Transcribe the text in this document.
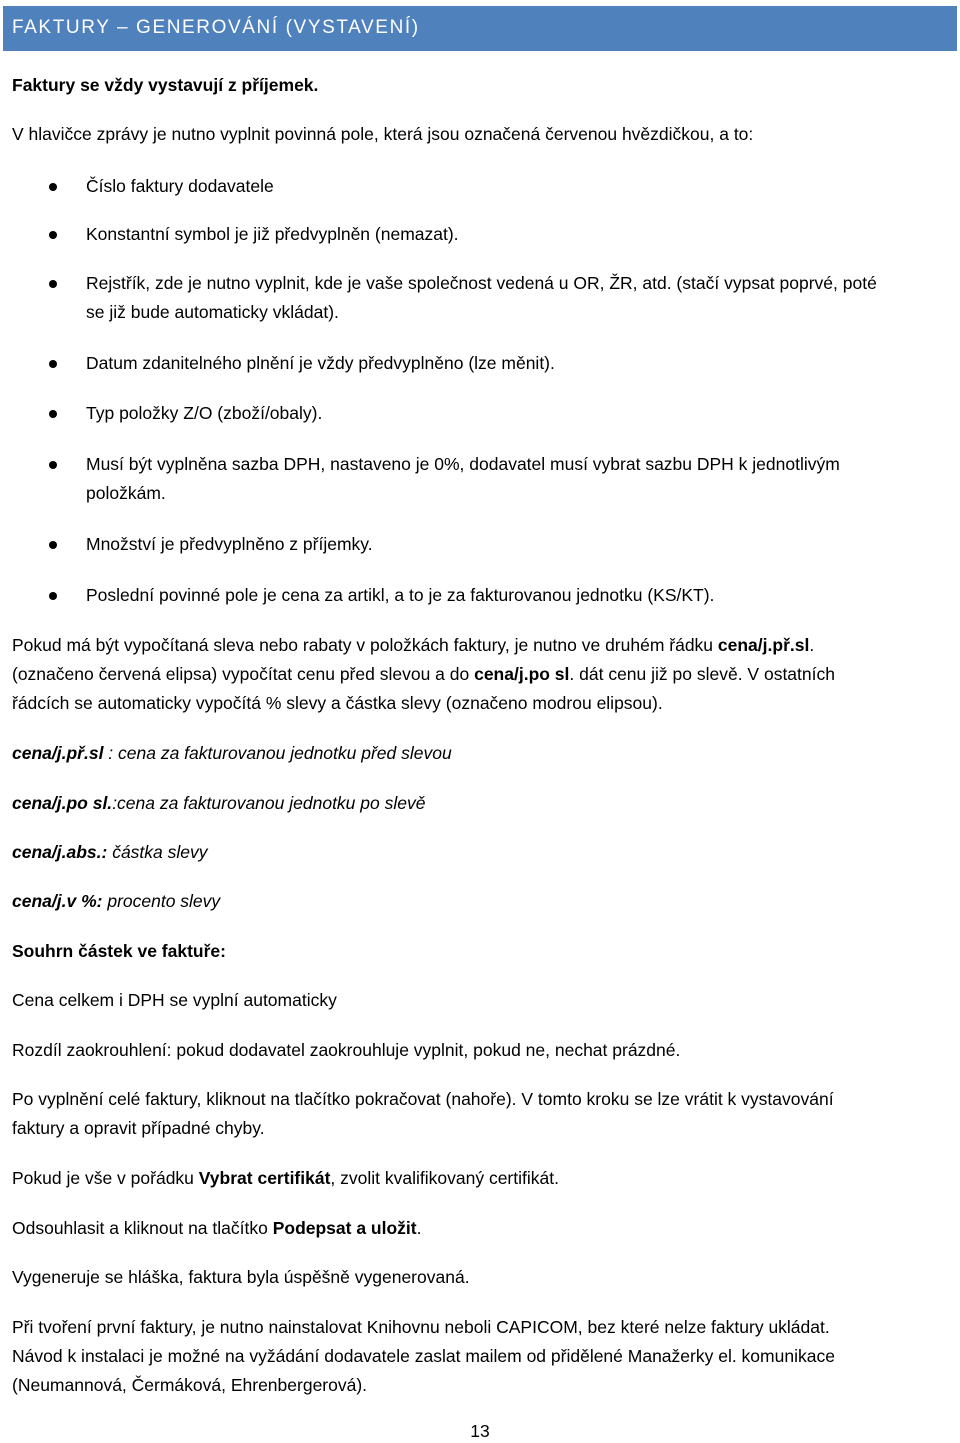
FAKTURY – GENEROVÁNÍ (VYSTAVENÍ)

Faktury se vždy vystavují z příjemek.

V hlavičce zprávy je nutno vyplnit povinná pole, která jsou označená červenou hvězdičkou, a to:

Číslo faktury dodavatele

Konstantní symbol je již předvyplněn (nemazat).

Rejstřík, zde je nutno vyplnit, kde je vaše společnost vedená u OR, ŽR, atd. (stačí vypsat poprvé, poté

se již bude automaticky vkládat).

Datum zdanitelného plnění je vždy předvyplněno (lze měnit).

Typ položky Z/O (zboží/obaly).

Musí být vyplněna sazba DPH, nastaveno je 0%, dodavatel musí vybrat sazbu DPH k jednotlivým

položkám.

Množství je předvyplněno z příjemky.

Poslední povinné pole je cena za artikl, a to je za fakturovanou jednotku (KS/KT).

Pokud má být vypočítaná sleva nebo rabaty v položkách faktury, je nutno ve druhém řádku cena/j.př.sl.

(označeno červená elipsa) vypočítat cenu před slevou a do cena/j.po sl. dát cenu již po slevě. V ostatních

řádcích se automaticky vypočítá % slevy a částka slevy (označeno modrou elipsou).

cena/j.př.sl : cena za fakturovanou jednotku před slevou

cena/j.po sl.:cena za fakturovanou jednotku po slevě

cena/j.abs.: částka slevy

cena/j.v %: procento slevy

Souhrn částek ve faktuře:

Cena celkem i DPH se vyplní automaticky

Rozdíl zaokrouhlení: pokud dodavatel zaokrouhluje vyplnit, pokud ne, nechat prázdné.

Po vyplnění celé faktury, kliknout na tlačítko pokračovat (nahoře). V tomto kroku se lze vrátit k vystavování

faktury a opravit případné chyby.

Pokud je vše v pořádku Vybrat certifikát, zvolit kvalifikovaný certifikát.

Odsouhlasit a kliknout na tlačítko Podepsat a uložit.

Vygeneruje se hláška, faktura byla úspěšně vygenerovaná.

Při tvoření první faktury, je nutno nainstalovat Knihovnu neboli CAPICOM, bez které nelze faktury ukládat.

Návod k instalaci je možné na vyžádání dodavatele zaslat mailem od přidělené Manažerky el. komunikace

(Neumannová, Čermáková, Ehrenbergerová).

13
